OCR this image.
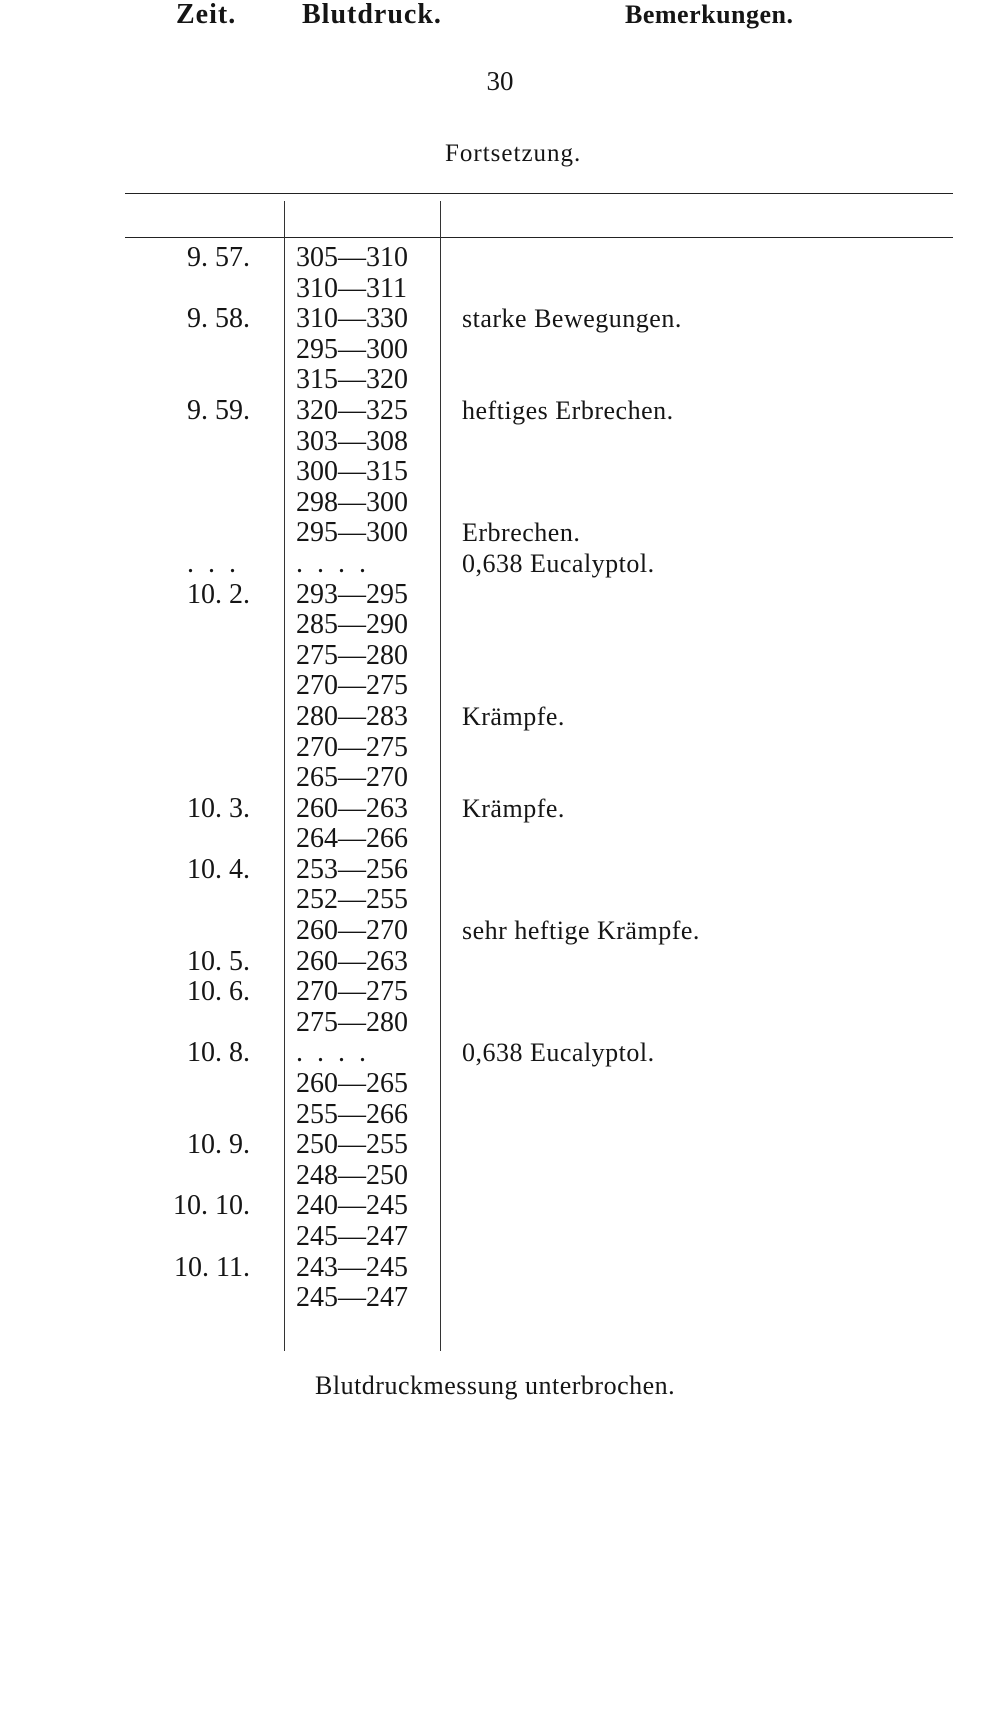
30
Fortsetzung.
Zeit.	Blutdruck.	Bemerkungen.
9. 57. 305—310
310—311
9. 58. 310—330 starke Bewegungen.
295—300
315—320
9. 59. 320—325 heftiges Erbrechen.
303—308
300—315
298—300
295—300 Erbrechen.
... ....	0,638 Eucalyptol.
10. 2. 293—295
285—290
275—280
270—275
280—283 Krämpfe.
270—275
265—270
10. 3. 260—263 Krämpfe.
264—266
10. 4. 253—256
252—255
260—270 sehr heftige Krämpfe.
10. 5. 260—263
10. 6. 270—275
275—280
10. 8. ....	0,638 Eucalyptol.
260—265
255—266
10. 9. 250—255
248—250
10. 10. 240—245
245—247
10. 11. 243—245
245—247
Blutdruckmessung unterbrochen.
